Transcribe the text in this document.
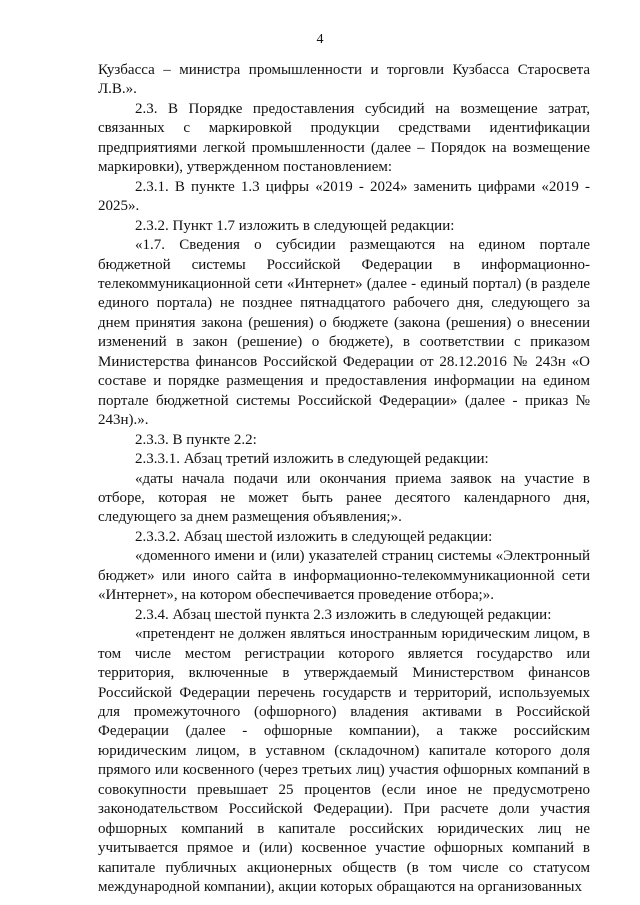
4

Кузбасса – министра промышленности и торговли Кузбасса Старосвета Л.В.».

2.3. В Порядке предоставления субсидий на возмещение затрат, связанных с маркировкой продукции средствами идентификации предприятиями легкой промышленности (далее – Порядок на возмещение маркировки), утвержденном постановлением:

2.3.1. В пункте 1.3 цифры «2019 - 2024» заменить цифрами «2019 - 2025».

2.3.2. Пункт 1.7 изложить в следующей редакции:

«1.7. Сведения о субсидии размещаются на едином портале бюджетной системы Российской Федерации в информационно-телекоммуникационной сети «Интернет» (далее - единый портал) (в разделе единого портала) не позднее пятнадцатого рабочего дня, следующего за днем принятия закона (решения) о бюджете (закона (решения) о внесении изменений в закон (решение) о бюджете), в соответствии с приказом Министерства финансов Российской Федерации от 28.12.2016 № 243н «О составе и порядке размещения и предоставления информации на едином портале бюджетной системы Российской Федерации» (далее - приказ № 243н).».

2.3.3. В пункте 2.2:

2.3.3.1. Абзац третий изложить в следующей редакции:

«даты начала подачи или окончания приема заявок на участие в отборе, которая не может быть ранее десятого календарного дня, следующего за днем размещения объявления;».

2.3.3.2. Абзац шестой изложить в следующей редакции:

«доменного имени и (или) указателей страниц системы «Электронный бюджет» или иного сайта в информационно-телекоммуникационной сети «Интернет», на котором обеспечивается проведение отбора;».

2.3.4. Абзац шестой пункта 2.3 изложить в следующей редакции:

«претендент не должен являться иностранным юридическим лицом, в том числе местом регистрации которого является государство или территория, включенные в утверждаемый Министерством финансов Российской Федерации перечень государств и территорий, используемых для промежуточного (офшорного) владения активами в Российской Федерации (далее - офшорные компании), а также российским юридическим лицом, в уставном (складочном) капитале которого доля прямого или косвенного (через третьих лиц) участия офшорных компаний в совокупности превышает 25 процентов (если иное не предусмотрено законодательством Российской Федерации). При расчете доли участия офшорных компаний в капитале российских юридических лиц не учитывается прямое и (или) косвенное участие офшорных компаний в капитале публичных акционерных обществ (в том числе со статусом международной компании), акции которых обращаются на организованных
